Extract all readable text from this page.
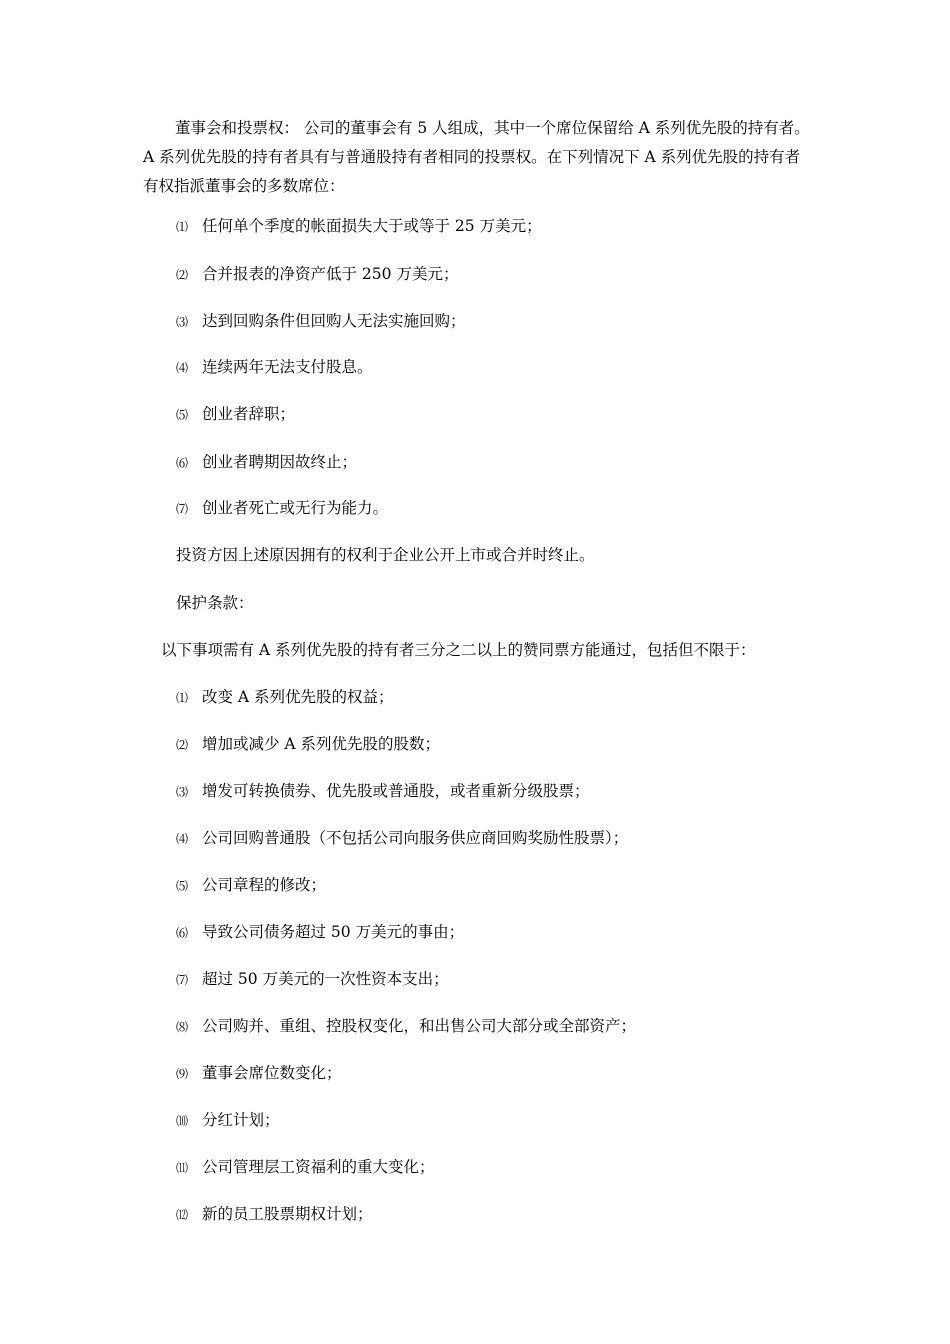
董事会和投票权： 公司的董事会有 5 人组成，其中一个席位保留给 A 系列优先股的持有者。A 系列优先股的持有者具有与普通股持有者相同的投票权。在下列情况下 A 系列优先股的持有者有权指派董事会的多数席位：

⑴ 任何单个季度的帐面损失大于或等于 25 万美元；
⑵ 合并报表的净资产低于 250 万美元；
⑶ 达到回购条件但回购人无法实施回购；
⑷ 连续两年无法支付股息。
⑸ 创业者辞职；
⑹ 创业者聘期因故终止；
⑺ 创业者死亡或无行为能力。
投资方因上述原因拥有的权利于企业公开上市或合并时终止。
保护条款：
以下事项需有 A 系列优先股的持有者三分之二以上的赞同票方能通过，包括但不限于：
⑴ 改变 A 系列优先股的权益；
⑵ 增加或减少 A 系列优先股的股数；
⑶ 增发可转换债券、优先股或普通股，或者重新分级股票；
⑷ 公司回购普通股（不包括公司向服务供应商回购奖励性股票）；
⑸ 公司章程的修改；
⑹ 导致公司债务超过 50 万美元的事由；
⑺ 超过 50 万美元的一次性资本支出；
⑻ 公司购并、重组、控股权变化，和出售公司大部分或全部资产；
⑼ 董事会席位数变化；
⑽ 分红计划；
⑾ 公司管理层工资福利的重大变化；
⑿ 新的员工股票期权计划；
